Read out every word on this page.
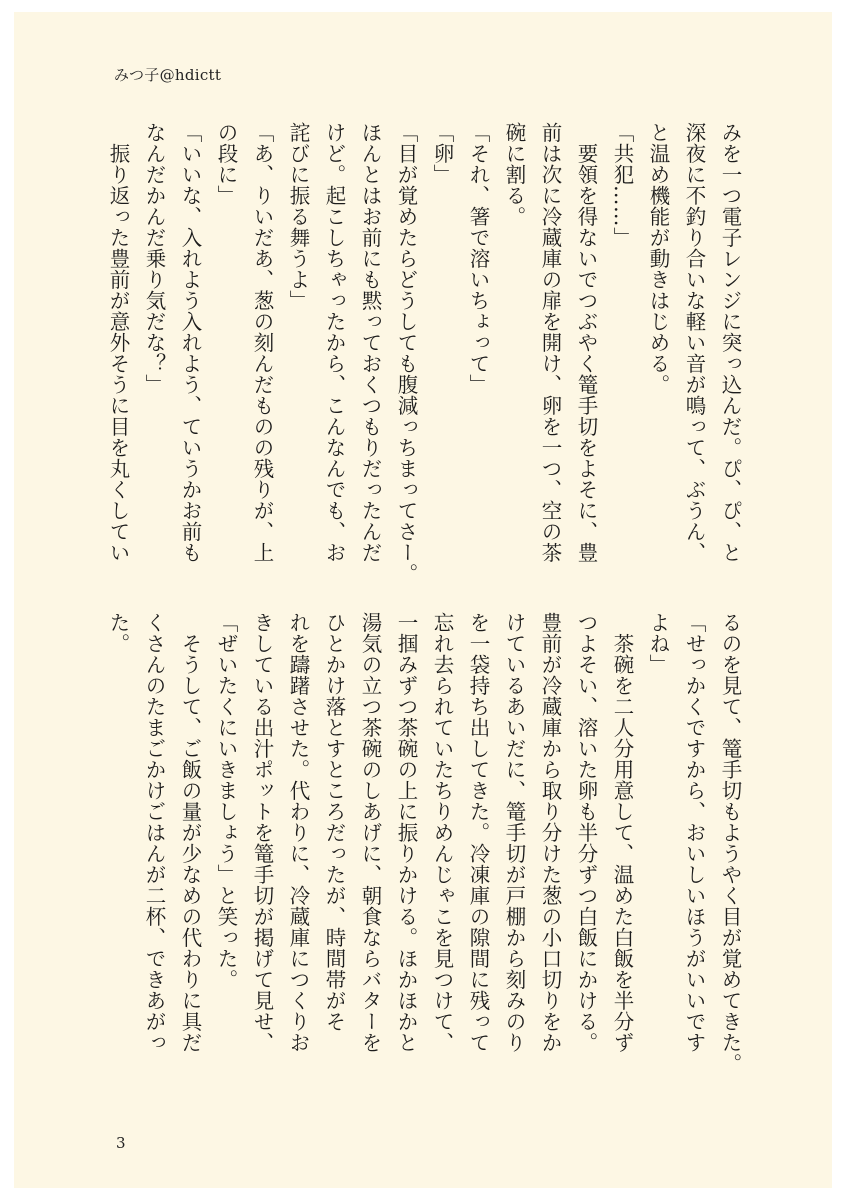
みつ子@hdictt

みを一つ電子レンジに突っ込んだ。ぴ、ぴ、と

深夜に不釣り合いな軽い音が鳴って、ぶうん、

と温め機能が動きはじめる。

「共犯……」

　要領を得ないでつぶやく篭手切をよそに、豊

前は次に冷蔵庫の扉を開け、卵を一つ、空の茶

碗に割る。

「それ、箸で溶いちょって」

「卵」

「目が覚めたらどうしても腹減っちまってさー。

ほんとはお前にも黙っておくつもりだったんだ

けど。起こしちゃったから、こんなんでも、お

詫びに振る舞うよ」

「あ、りいだあ、葱の刻んだものの残りが、上

の段に」

「いいな、入れよう入れよう、ていうかお前も

なんだかんだ乗り気だな？」

　振り返った豊前が意外そうに目を丸くしてい

るのを見て、篭手切もようやく目が覚めてきた。

「せっかくですから、おいしいほうがいいです

よね」

　茶碗を二人分用意して、温めた白飯を半分ず

つよそい、溶いた卵も半分ずつ白飯にかける。

豊前が冷蔵庫から取り分けた葱の小口切りをか

けているあいだに、篭手切が戸棚から刻みのり

を一袋持ち出してきた。冷凍庫の隙間に残って

忘れ去られていたちりめんじゃこを見つけて、

一掴みずつ茶碗の上に振りかける。ほかほかと

湯気の立つ茶碗のしあげに、朝食ならバターを

ひとかけ落とすところだったが、時間帯がそ

れを躊躇させた。代わりに、冷蔵庫につくりお

きしている出汁ポットを篭手切が掲げて見せ、

「ぜいたくにいきましょう」と笑った。

　そうして、ご飯の量が少なめの代わりに具だ

くさんのたまごかけごはんが二杯、できあがっ

た。

3
